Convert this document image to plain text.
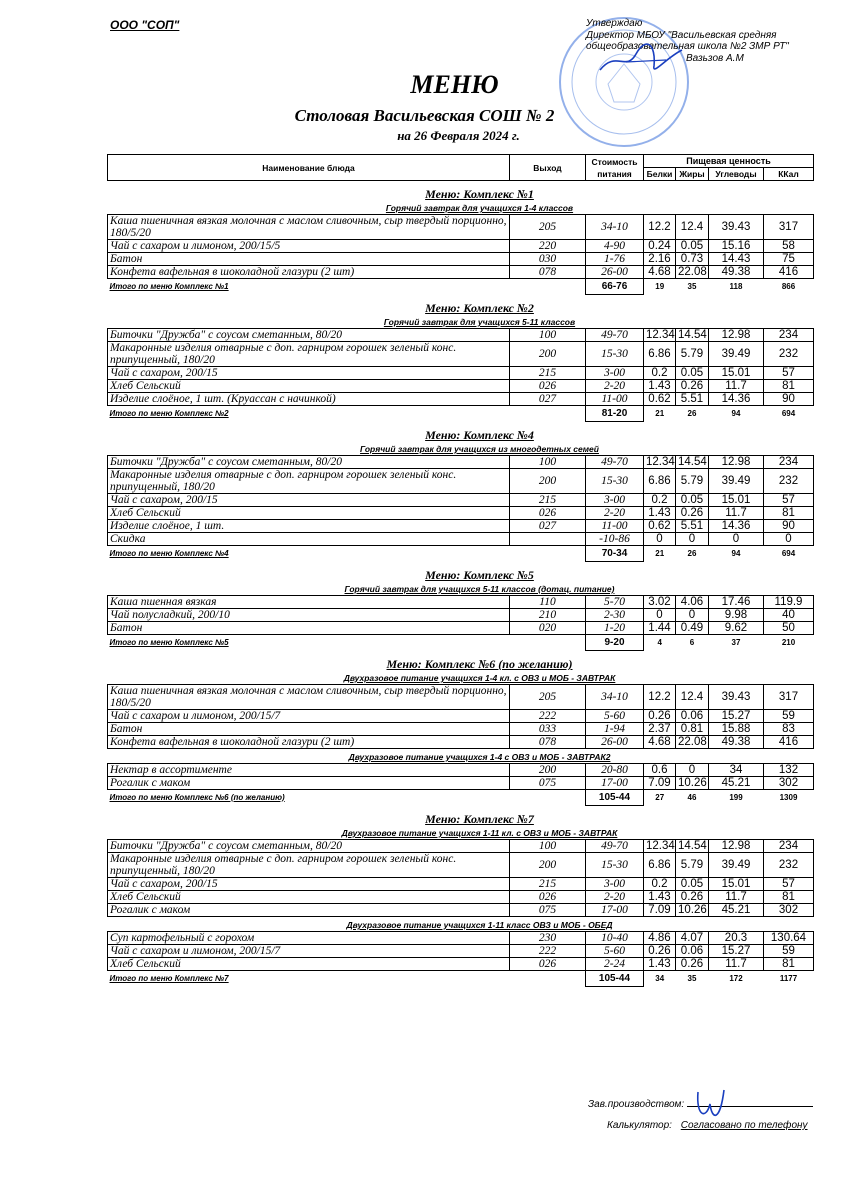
ООО "СОП"	Утверждаю
Директор МБОУ "Васильевская средняя
общеобразовательная школа №2 ЗМР РТ"
Вазьзов А.М
МЕНЮ
Столовая Васильевская СОШ № 2
на 26 Февраля 2024 г.
Наименование блюда	Выход	Стоимость питания	Пищевая ценность			
			Белки	Жиры	Углеводы	ККал
Меню: Комплекс №1						
Горячий завтрак для учащихся 1-4 классов						
Каша пшеничная вязкая молочная с маслом сливочным, сыр твердый порционно, 180/5/20	205	34-10	12.2	12.4	39.43	317
Чай с сахаром и лимоном, 200/15/5	220	4-90	0.24	0.05	15.16	58
Батон	030	1-76	2.16	0.73	14.43	75
Конфета вафельная в шоколадной глазури (2 шт)	078	26-00	4.68	22.08	49.38	416
Итого по меню Комплекс №1		66-76	19	35	118	866
Меню: Комплекс №2						
Горячий завтрак для учащихся 5-11 классов						
Биточки "Дружба" с соусом сметанным, 80/20	100	49-70	12.34	14.54	12.98	234
Макаронные изделия отварные с доп. гарниром горошек зеленый конс. припущенный, 180/20	200	15-30	6.86	5.79	39.49	232
Чай с сахаром, 200/15	215	3-00	0.2	0.05	15.01	57
Хлеб Сельский	026	2-20	1.43	0.26	11.7	81
Изделие слоёное, 1 шт. (Круассан с начинкой)	027	11-00	0.62	5.51	14.36	90
Итого по меню Комплекс №2		81-20	21	26	94	694
Меню: Комплекс №4						
Горячий завтрак для учащихся из многодетных семей						
Биточки "Дружба" с соусом сметанным, 80/20	100	49-70	12.34	14.54	12.98	234
Макаронные изделия отварные с доп. гарниром горошек зеленый конс. припущенный, 180/20	200	15-30	6.86	5.79	39.49	232
Чай с сахаром, 200/15	215	3-00	0.2	0.05	15.01	57
Хлеб Сельский	026	2-20	1.43	0.26	11.7	81
Изделие слоёное, 1 шт.	027	11-00	0.62	5.51	14.36	90
Скидка		-10-86	0	0	0	0
Итого по меню Комплекс №4		70-34	21	26	94	694
Меню: Комплекс №5						
Горячий завтрак для учащихся 5-11 классов (дотац. питание)						
Каша пшенная вязкая	110	5-70	3.02	4.06	17.46	119.9
Чай полусладкий, 200/10	210	2-30	0	0	9.98	40
Батон	020	1-20	1.44	0.49	9.62	50
Итого по меню Комплекс №5		9-20	4	6	37	210
Меню: Комплекс №6 (по желанию)						
Двухразовое питание учащихся 1-4 кл. с ОВЗ и МОБ - ЗАВТРАК						
Каша пшеничная вязкая молочная с маслом сливочным, сыр твердый порционно, 180/5/20	205	34-10	12.2	12.4	39.43	317
Чай с сахаром и лимоном, 200/15/7	222	5-60	0.26	0.06	15.27	59
Батон	033	1-94	2.37	0.81	15.88	83
Конфета вафельная в шоколадной глазури (2 шт)	078	26-00	4.68	22.08	49.38	416
Двухразовое питание учащихся 1-4 с ОВЗ и МОБ - ЗАВТРАК2						
Нектар в ассортименте	200	20-80	0.6	0	34	132
Рогалик с маком	075	17-00	7.09	10.26	45.21	302
Итого по меню Комплекс №6 (по желанию)		105-44	27	46	199	1309
Меню: Комплекс №7						
Двухразовое питание учащихся 1-11 кл. с ОВЗ и МОБ - ЗАВТРАК						
Биточки "Дружба" с соусом сметанным, 80/20	100	49-70	12.34	14.54	12.98	234
Макаронные изделия отварные с доп. гарниром горошек зеленый конс. припущенный, 180/20	200	15-30	6.86	5.79	39.49	232
Чай с сахаром, 200/15	215	3-00	0.2	0.05	15.01	57
Хлеб Сельский	026	2-20	1.43	0.26	11.7	81
Рогалик с маком	075	17-00	7.09	10.26	45.21	302
Двухразовое питание учащихся 1-11 класс ОВЗ и МОБ - ОБЕД						
Суп картофельный с горохом	230	10-40	4.86	4.07	20.3	130.64
Чай с сахаром и лимоном, 200/15/7	222	5-60	0.26	0.06	15.27	59
Хлеб Сельский	026	2-24	1.43	0.26	11.7	81
Итого по меню Комплекс №7		105-44	34	35	172	1177
Зав.производством:
Калькулятор: Согласовано по телефону
